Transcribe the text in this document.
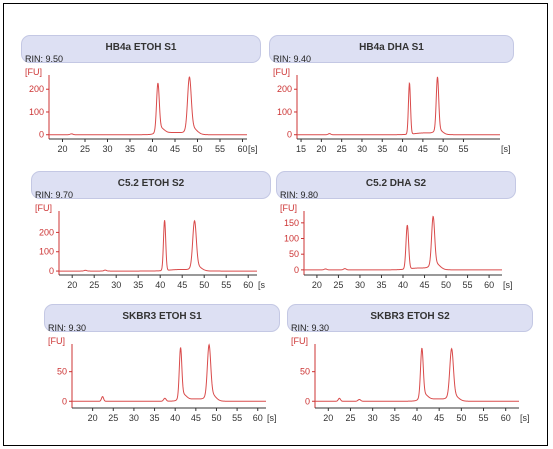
HB4a ETOH S1
RIN: 9.50
[FU]
0
100
200
20 25 30 35 40 45 50 55 60 [s]
HB4a DHA S1
RIN: 9.40
[FU]
0
100
200
15 20 25 30 35 40 45 50 55	[s]
C5.2 ETOH S2
RIN: 9.70
[FU]
0
100
200
20 25 30 35 40 45 50 55 60 [s
C5.2 DHA S2
RIN: 9.80
[FU]
0
50
100
150
20 25 30 35 40 45 50 55 60 [s]
SKBR3 ETOH S1
RIN: 9.30
[FU]
0
50
20 25 30 35 40 45 50 55 60 [s]
SKBR3 ETOH S2
RIN: 9.30
[FU]
0
50
20 25 30 35 40 45 50 55 60 [s]
